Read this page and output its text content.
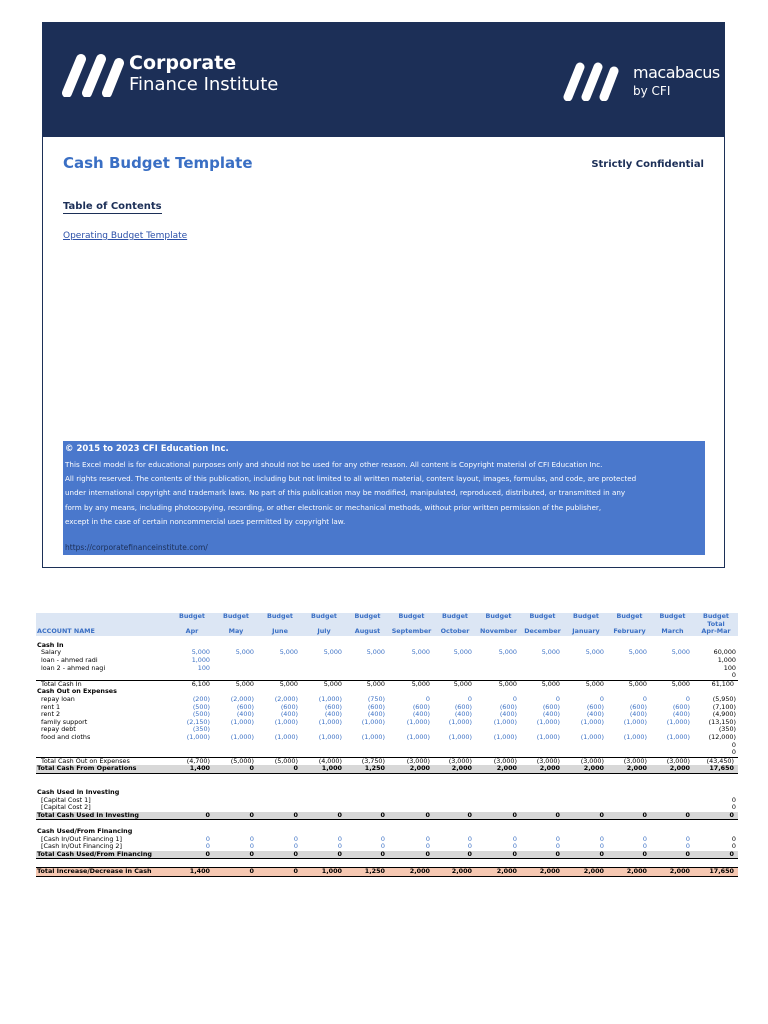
Corporate
Finance Institute
macabacus
by CFI
Cash Budget Template	Strictly Confidential
Table of Contents
Operating Budget Template
© 2015 to 2023 CFI Education Inc.
This Excel model is for educational purposes only and should not be used for any other reason. All content is Copyright material of CFI Education Inc.
All rights reserved. The contents of this publication, including but not limited to all written material, content layout, images, formulas, and code, are protected
under international copyright and trademark laws. No part of this publication may be modified, manipulated, reproduced, distributed, or transmitted in any
form by any means, including photocopying, recording, or other electronic or mechanical methods, without prior written permission of the publisher,
except in the case of certain noncommercial uses permitted by copyright law.
https://corporatefinanceinstitute.com/
	Budget	Budget	Budget	Budget	Budget	Budget	Budget	Budget	Budget	Budget	Budget	Budget	Budget
													Total
ACCOUNT NAME	Apr	May	June	July	August	September	October	November	December	January	February	March	Apr-Mar

Cash In													
Salary	5,000	5,000	5,000	5,000	5,000	5,000	5,000	5,000	5,000	5,000	5,000	5,000	60,000
loan - ahmed radi	1,000												1,000
loan 2 - ahmed nagi	100												100
													0
Total Cash In	6,100	5,000	5,000	5,000	5,000	5,000	5,000	5,000	5,000	5,000	5,000	5,000	61,100
Cash Out on Expenses													
repay loan	(200)	(2,000)	(2,000)	(1,000)	(750)	0	0	0	0	0	0	0	(5,950)
rent 1	(500)	(600)	(600)	(600)	(600)	(600)	(600)	(600)	(600)	(600)	(600)	(600)	(7,100)
rent 2	(500)	(400)	(400)	(400)	(400)	(400)	(400)	(400)	(400)	(400)	(400)	(400)	(4,900)
family support	(2,150)	(1,000)	(1,000)	(1,000)	(1,000)	(1,000)	(1,000)	(1,000)	(1,000)	(1,000)	(1,000)	(1,000)	(13,150)
repay debt	(350)												(350)
food and cloths	(1,000)	(1,000)	(1,000)	(1,000)	(1,000)	(1,000)	(1,000)	(1,000)	(1,000)	(1,000)	(1,000)	(1,000)	(12,000)
													0
													0
Total Cash Out on Expenses	(4,700)	(5,000)	(5,000)	(4,000)	(3,750)	(3,000)	(3,000)	(3,000)	(3,000)	(3,000)	(3,000)	(3,000)	(43,450)
Total Cash From Operations	1,400	0	0	1,000	1,250	2,000	2,000	2,000	2,000	2,000	2,000	2,000	17,650

Cash Used in Investing													
[Capital Cost 1]													0
[Capital Cost 2]													0
Total Cash Used in Investing	0	0	0	0	0	0	0	0	0	0	0	0	0

Cash Used/From Financing													
[Cash In/Out Financing 1]	0	0	0	0	0	0	0	0	0	0	0	0	0
[Cash In/Out Financing 2]	0	0	0	0	0	0	0	0	0	0	0	0	0
Total Cash Used/From Financing	0	0	0	0	0	0	0	0	0	0	0	0	0

Total Increase/Decrease in Cash	1,400	0	0	1,000	1,250	2,000	2,000	2,000	2,000	2,000	2,000	2,000	17,650
